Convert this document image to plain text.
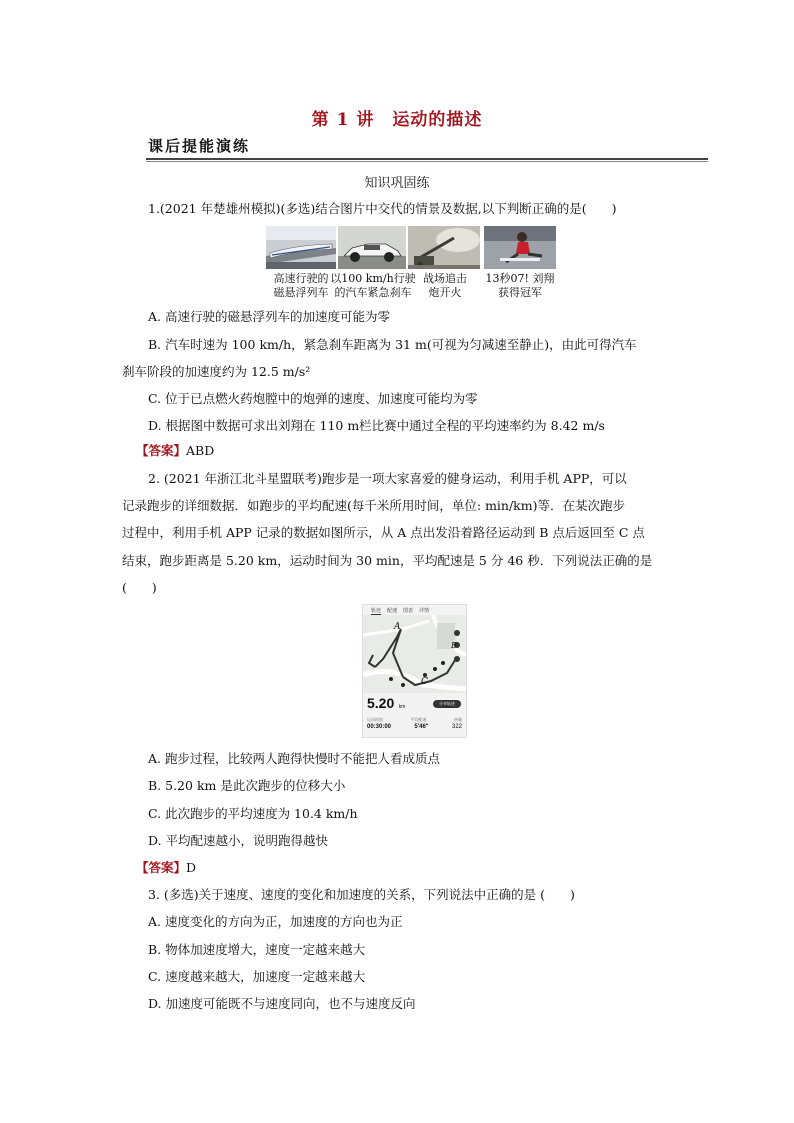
第 1 讲　运动的描述
课后提能演练
知识巩固练
1.(2021 年楚雄州模拟)(多选)结合图片中交代的情景及数据,以下判断正确的是(　　)
高速行驶的
磁悬浮列车
以100 km/h行驶
的汽车紧急刹车
战场追击
炮开火
13秒07! 刘翔
获得冠军
A. 高速行驶的磁悬浮列车的加速度可能为零
B. 汽车时速为 100 km/h，紧急刹车距离为 31 m(可视为匀减速至静止)，由此可得汽车
刹车阶段的加速度约为 12.5 m/s²
C. 位于已点燃火药炮膛中的炮弹的速度、加速度可能均为零
D. 根据图中数据可求出刘翔在 110 m栏比赛中通过全程的平均速率约为 8.42 m/s
【答案】ABD
2. (2021 年浙江北斗星盟联考)跑步是一项大家喜爱的健身运动，利用手机 APP，可以
记录跑步的详细数据．如跑步的平均配速(每千米所用时间，单位: min/km)等．在某次跑步
过程中，利用手机 APP 记录的数据如图所示，从 A 点出发沿着路径运动到 B 点后返回至 C 点
结束，跑步距离是 5.20 km，运动时间为 30 min，平均配速是 5 分 46 秒．下列说法正确的是
(　　)
轨迹 配速 图表 详情
A
B
C
5.20 km
分享轨迹
运动时间	平均配速	热量
00:30:00	5'46"	322
A. 跑步过程，比较两人跑得快慢时不能把人看成质点
B. 5.20 km 是此次跑步的位移大小
C. 此次跑步的平均速度为 10.4 km/h
D. 平均配速越小，说明跑得越快
【答案】D
3. (多选)关于速度、速度的变化和加速度的关系，下列说法中正确的是 (　　)
A. 速度变化的方向为正，加速度的方向也为正
B. 物体加速度增大，速度一定越来越大
C. 速度越来越大，加速度一定越来越大
D. 加速度可能既不与速度同向，也不与速度反向
